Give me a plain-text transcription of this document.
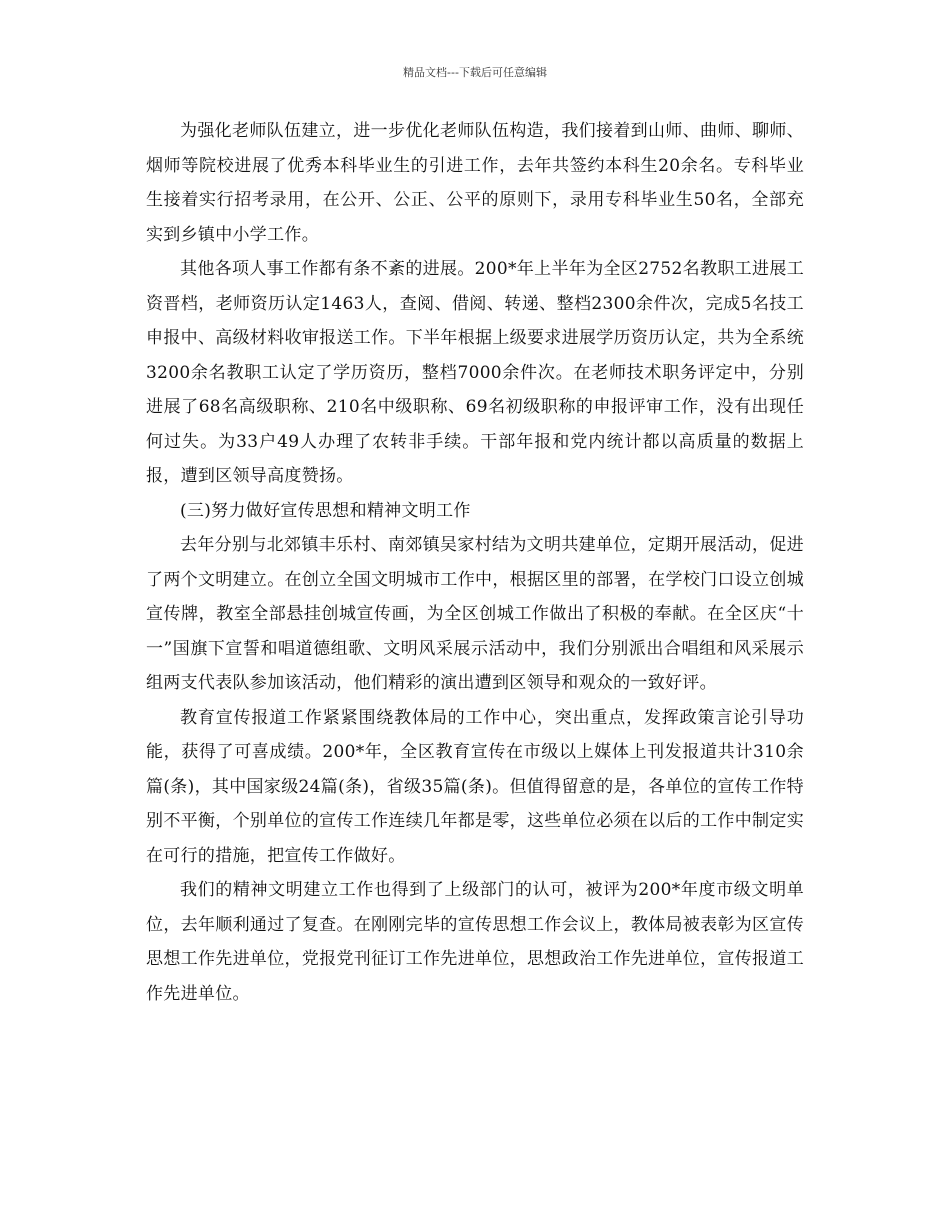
精品文档---下载后可任意编辑

为强化老师队伍建立，进一步优化老师队伍构造，我们接着到山师、曲师、聊师、烟师等院校进展了优秀本科毕业生的引进工作，去年共签约本科生20余名。专科毕业生接着实行招考录用，在公开、公正、公平的原则下，录用专科毕业生50名，全部充实到乡镇中小学工作。

其他各项人事工作都有条不紊的进展。200*年上半年为全区2752名教职工进展工资晋档，老师资历认定1463人，查阅、借阅、转递、整档2300余件次，完成5名技工申报中、高级材料收审报送工作。下半年根据上级要求进展学历资历认定，共为全系统3200余名教职工认定了学历资历，整档7000余件次。在老师技术职务评定中，分别进展了68名高级职称、210名中级职称、69名初级职称的申报评审工作，没有出现任何过失。为33户49人办理了农转非手续。干部年报和党内统计都以高质量的数据上报，遭到区领导高度赞扬。

(三)努力做好宣传思想和精神文明工作

去年分别与北郊镇丰乐村、南郊镇吴家村结为文明共建单位，定期开展活动，促进了两个文明建立。在创立全国文明城市工作中，根据区里的部署，在学校门口设立创城宣传牌，教室全部悬挂创城宣传画，为全区创城工作做出了积极的奉献。在全区庆“十一”国旗下宣誓和唱道德组歌、文明风采展示活动中，我们分别派出合唱组和风采展示组两支代表队参加该活动，他们精彩的演出遭到区领导和观众的一致好评。

教育宣传报道工作紧紧围绕教体局的工作中心，突出重点，发挥政策言论引导功能，获得了可喜成绩。200*年，全区教育宣传在市级以上媒体上刊发报道共计310余篇(条)，其中国家级24篇(条)，省级35篇(条)。但值得留意的是，各单位的宣传工作特别不平衡，个别单位的宣传工作连续几年都是零，这些单位必须在以后的工作中制定实在可行的措施，把宣传工作做好。

我们的精神文明建立工作也得到了上级部门的认可，被评为200*年度市级文明单位，去年顺利通过了复查。在刚刚完毕的宣传思想工作会议上，教体局被表彰为区宣传思想工作先进单位，党报党刊征订工作先进单位，思想政治工作先进单位，宣传报道工作先进单位。
